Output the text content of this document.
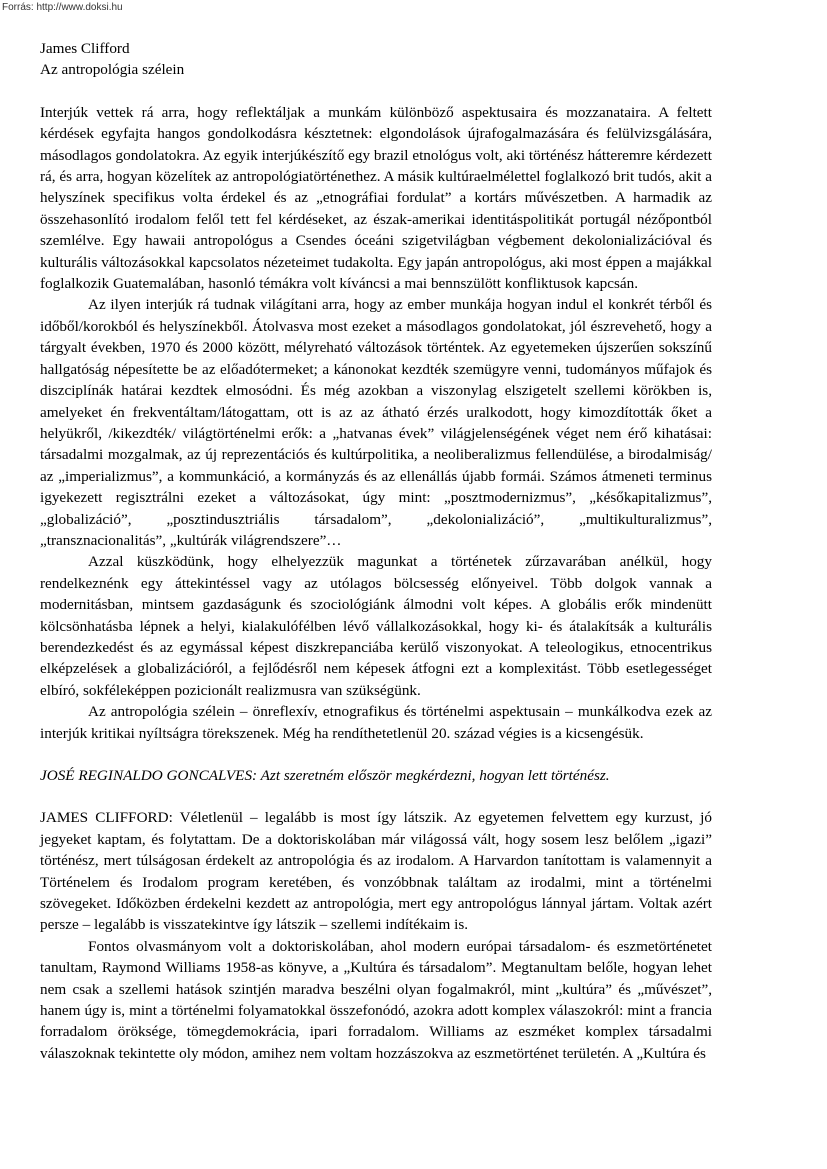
Forrás: http://www.doksi.hu
James Clifford
Az antropológia szélein

Interjúk vettek rá arra, hogy reflektáljak a munkám különböző aspektusaira és mozzanataira. A feltett kérdések egyfajta hangos gondolkodásra késztetnek: elgondolások újrafogalmazására és felülvizsgálására, másodlagos gondolatokra. Az egyik interjúkészítő egy brazil etnológus volt, aki történész hátteremre kérdezett rá, és arra, hogyan közelítek az antropológiatörténethez. A másik kultúraelmélettel foglalkozó brit tudós, akit a helyszínek specifikus volta érdekel és az „etnográfiai fordulat” a kortárs művészetben. A harmadik az összehasonlító irodalom felől tett fel kérdéseket, az észak-amerikai identitáspolitikát portugál nézőpontból szemlélve. Egy hawaii antropológus a Csendes óceáni szigetvilágban végbement dekolonializációval és kulturális változásokkal kapcsolatos nézeteimet tudakolta. Egy japán antropológus, aki most éppen a majákkal foglalkozik Guatemalában, hasonló témákra volt kíváncsi a mai bennszülött konfliktusok kapcsán.

Az ilyen interjúk rá tudnak világítani arra, hogy az ember munkája hogyan indul el konkrét térből és időből/korokból és helyszínekből. Átolvasva most ezeket a másodlagos gondolatokat, jól észrevehető, hogy a tárgyalt években, 1970 és 2000 között, mélyreható változások történtek. Az egyetemeken újszerűen sokszínű hallgatóság népesítette be az előadótermeket; a kánonokat kezdték szemügyre venni, tudományos műfajok és diszciplínák határai kezdtek elmosódni. És még azokban a viszonylag elszigetelt szellemi körökben is, amelyeket én frekventáltam/látogattam, ott is az az átható érzés uralkodott, hogy kimozdították őket a helyükről, /kikezdték/ világtörténelmi erők: a „hatvanas évek” világjelenségének véget nem érő kihatásai: társadalmi mozgalmak, az új reprezentációs és kultúrpolitika, a neoliberalizmus fellendülése, a birodalmiság/ az „imperializmus”, a kommunkáció, a kormányzás és az ellenállás újabb formái. Számos átmeneti terminus igyekezett regisztrálni ezeket a változásokat, úgy mint: „posztmodernizmus”, „későkapitalizmus”, „globalizáció”, „posztindusztriális társadalom”, „dekolonializáció”, „multikulturalizmus”, „transznacionalitás”, „kultúrák világrendszere”…

Azzal küszködünk, hogy elhelyezzük magunkat a történetek zűrzavarában anélkül, hogy rendelkeznénk egy áttekintéssel vagy az utólagos bölcsesség előnyeivel. Több dolgok vannak a modernitásban, mintsem gazdaságunk és szociológiánk álmodni volt képes. A globális erők mindenütt kölcsönhatásba lépnek a helyi, kialakulófélben lévő vállalkozásokkal, hogy ki- és átalakítsák a kulturális berendezkedést és az egymással képest diszkrepanciába kerülő viszonyokat. A teleologikus, etnocentrikus elképzelések a globalizációról, a fejlődésről nem képesek átfogni ezt a komplexitást. Több esetlegességet elbíró, sokféleképpen pozicionált realizmusra van szükségünk.

Az antropológia szélein – önreflexív, etnografikus és történelmi aspektusain – munkálkodva ezek az interjúk kritikai nyíltságra törekszenek. Még ha rendíthetetlenül 20. század végies is a kicsengésük.

JOSÉ REGINALDO GONCALVES: Azt szeretném először megkérdezni, hogyan lett történész.

JAMES CLIFFORD: Véletlenül – legalább is most így látszik. Az egyetemen felvettem egy kurzust, jó jegyeket kaptam, és folytattam. De a doktoriskolában már világossá vált, hogy sosem lesz belőlem „igazi” történész, mert túlságosan érdekelt az antropológia és az irodalom. A Harvardon tanítottam is valamennyit a Történelem és Irodalom program keretében, és vonzóbbnak találtam az irodalmi, mint a történelmi szövegeket. Időközben érdekelni kezdett az antropológia, mert egy antropológus lánnyal jártam. Voltak azért persze – legalább is visszatekintve így látszik – szellemi indítékaim is.

Fontos olvasmányom volt a doktoriskolában, ahol modern európai társadalom- és eszmetörténetet tanultam, Raymond Williams 1958-as könyve, a „Kultúra és társadalom”. Megtanultam belőle, hogyan lehet nem csak a szellemi hatások szintjén maradva beszélni olyan fogalmakról, mint „kultúra” és „művészet”, hanem úgy is, mint a történelmi folyamatokkal összefonódó, azokra adott komplex válaszokról: mint a francia forradalom öröksége, tömegdemokrácia, ipari forradalom. Williams az eszméket komplex társadalmi válaszoknak tekintette oly módon, amihez nem voltam hozzászokva az eszmetörténet területén. A „Kultúra és
